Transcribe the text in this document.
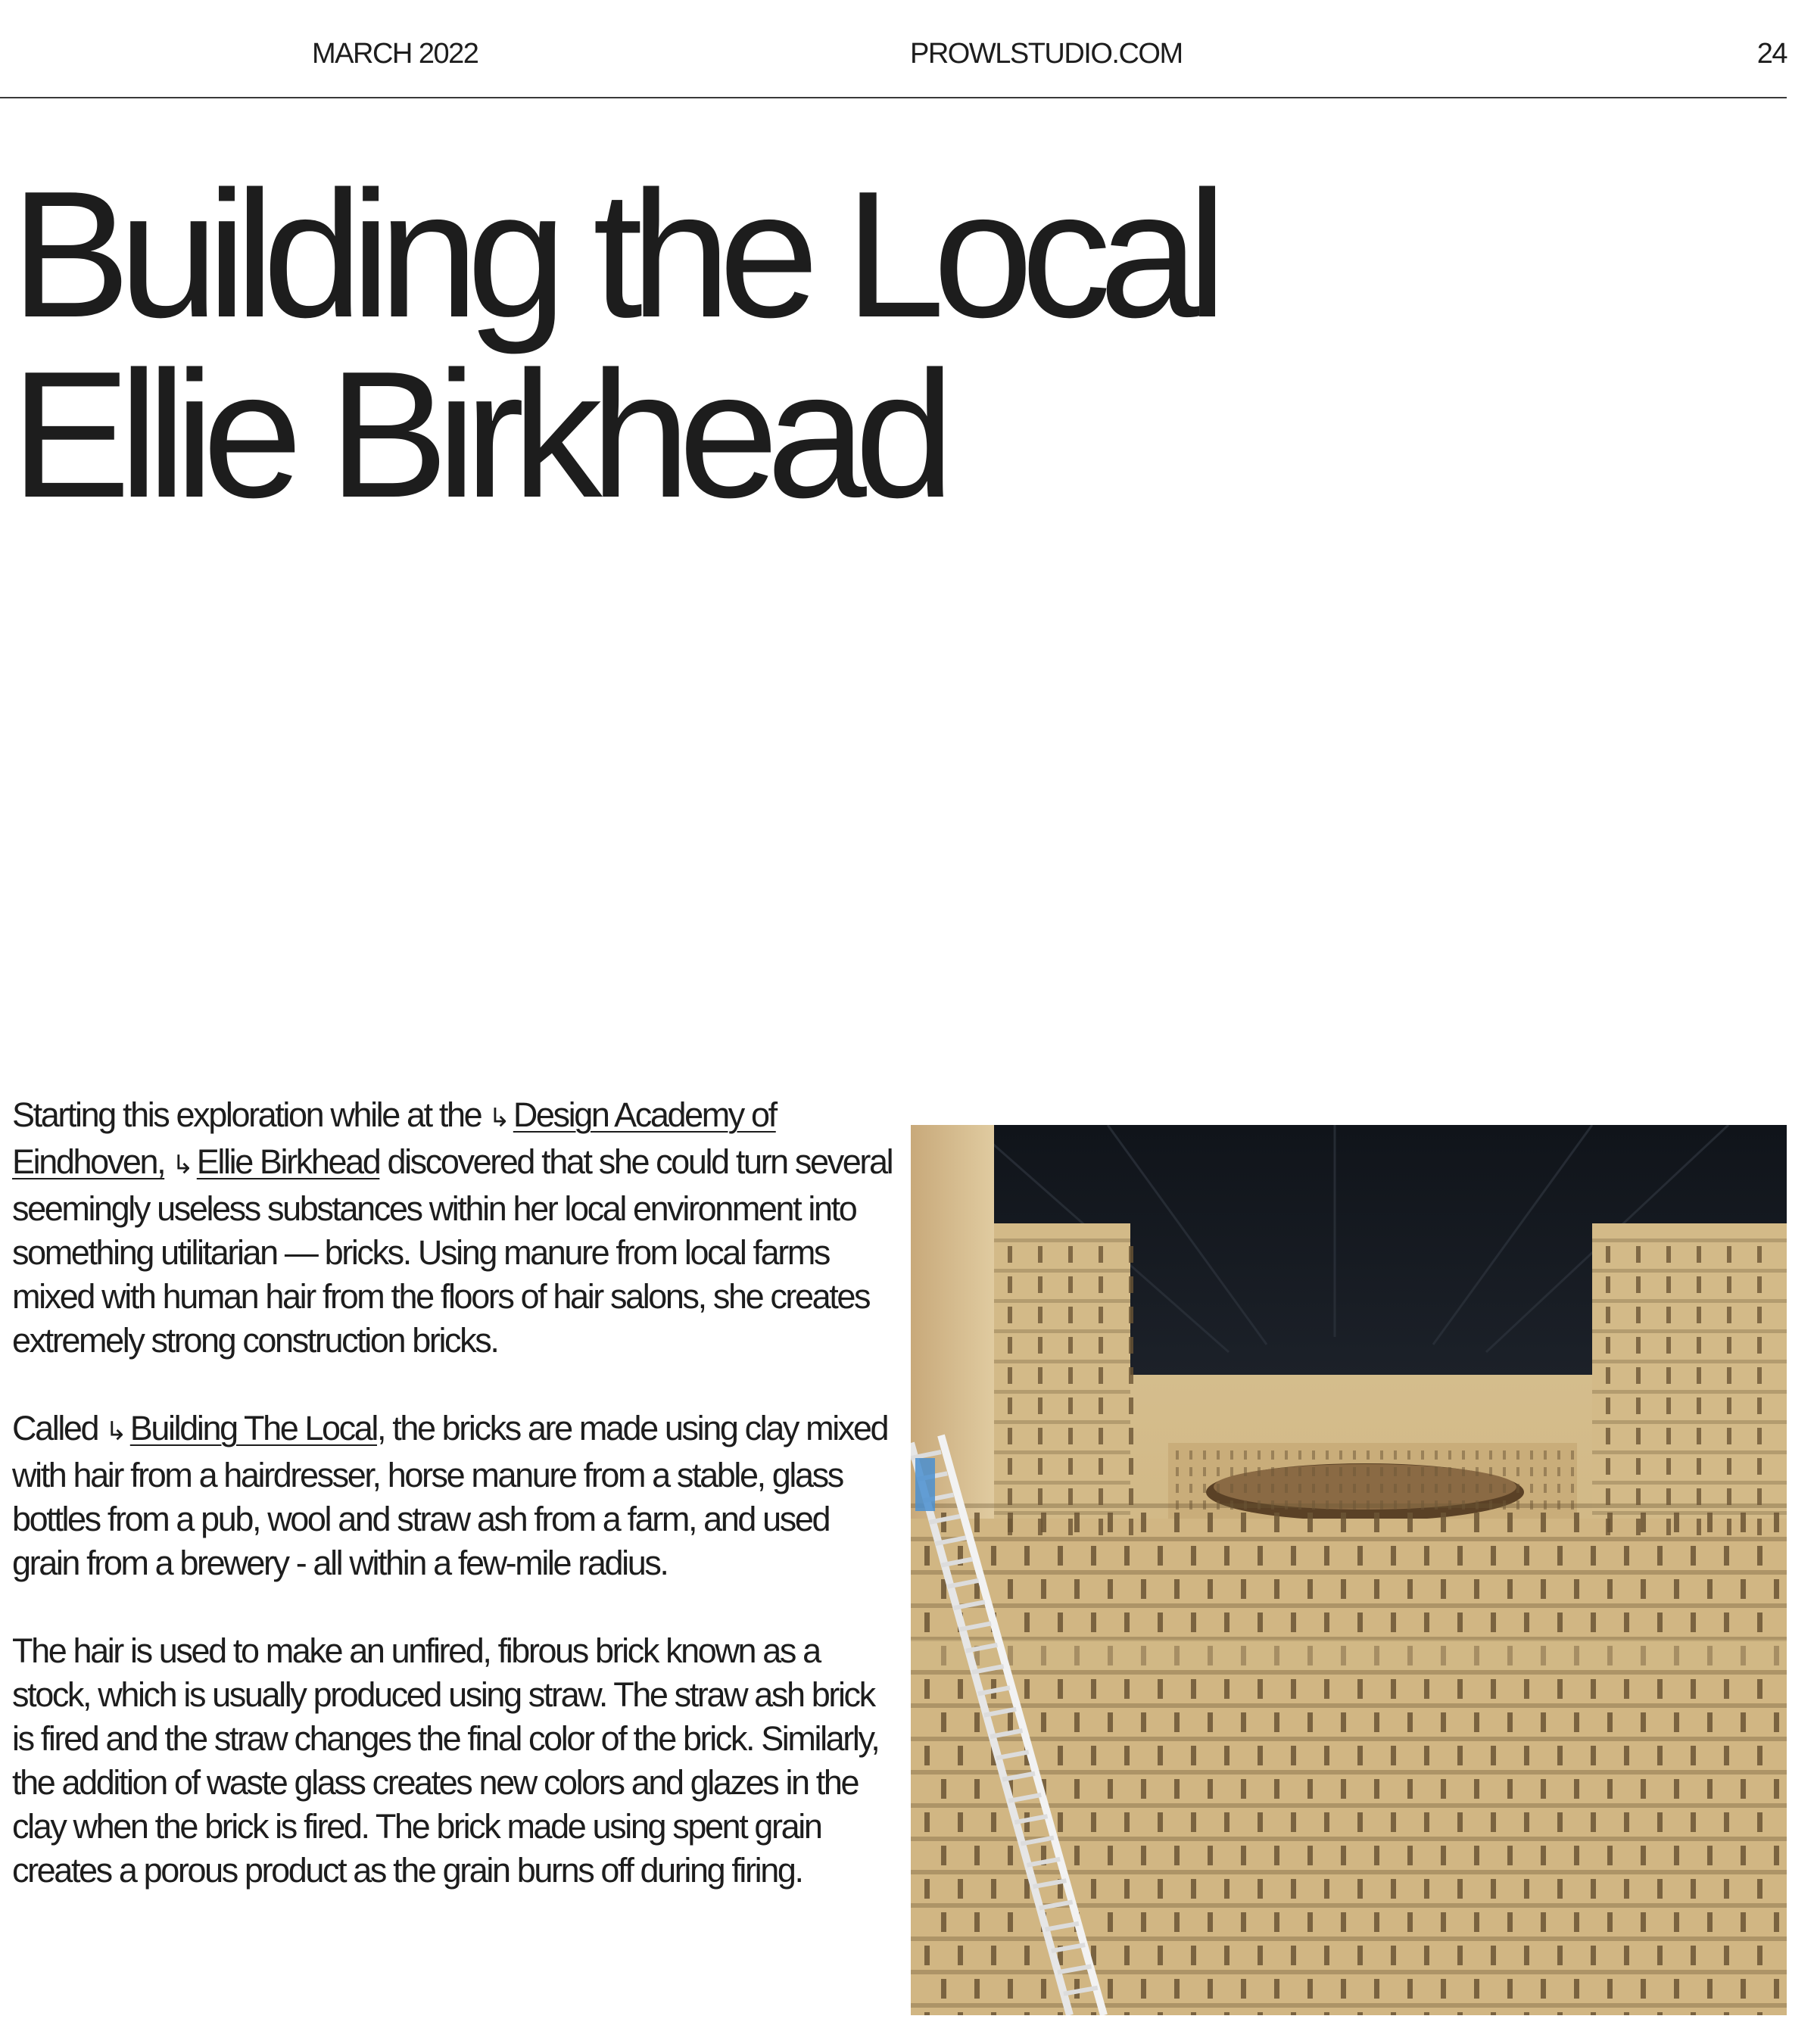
MARCH 2022	PROWLSTUDIO.COM	24
Building the Local
Ellie Birkhead

Starting this exploration while at the ↳Design Academy of Eindhoven, ↳Ellie Birkhead discovered that she could turn several seemingly useless substances within her local environment into something utilitarian — bricks. Using manure from local farms mixed with human hair from the floors of hair salons, she creates extremely strong construction bricks.

Called ↳Building The Local, the bricks are made using clay mixed with hair from a hairdresser, horse manure from a stable, glass bottles from a pub, wool and straw ash from a farm, and used grain from a brewery - all within a few-mile radius.

The hair is used to make an unfired, fibrous brick known as a stock, which is usually produced using straw. The straw ash brick is fired and the straw changes the final color of the brick. Similarly, the addition of waste glass creates new colors and glazes in the clay when the brick is fired. The brick made using spent grain creates a porous product as the grain burns off during firing.
